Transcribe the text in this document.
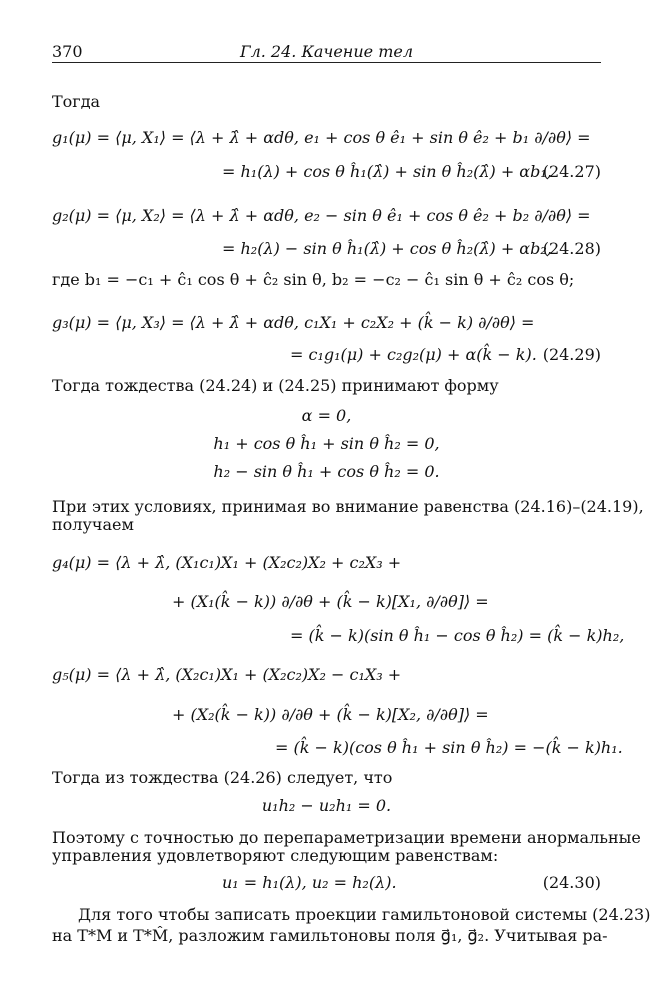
370	Гл. 24. Качение тел
Тогда
g₁(μ) = ⟨μ, X₁⟩ = ⟨λ + λ̂ + αdθ, e₁ + cos θ ê₁ + sin θ ê₂ + b₁ ∂/∂θ⟩ =
= h₁(λ) + cos θ ĥ₁(λ̂) + sin θ ĥ₂(λ̂) + αb₁,
(24.27)
g₂(μ) = ⟨μ, X₂⟩ = ⟨λ + λ̂ + αdθ, e₂ − sin θ ê₁ + cos θ ê₂ + b₂ ∂/∂θ⟩ =
= h₂(λ) − sin θ ĥ₁(λ̂) + cos θ ĥ₂(λ̂) + αb₂,
(24.28)
где b₁ = −c₁ + ĉ₁ cos θ + ĉ₂ sin θ, b₂ = −c₂ − ĉ₁ sin θ + ĉ₂ cos θ;
g₃(μ) = ⟨μ, X₃⟩ = ⟨λ + λ̂ + αdθ, c₁X₁ + c₂X₂ + (k̂ − k) ∂/∂θ⟩ =
= c₁g₁(μ) + c₂g₂(μ) + α(k̂ − k). (24.29)
Тогда тождества (24.24) и (24.25) принимают форму
α = 0,
h₁ + cos θ ĥ₁ + sin θ ĥ₂ = 0,
h₂ − sin θ ĥ₁ + cos θ ĥ₂ = 0.
При этих условиях, принимая во внимание равенства (24.16)–(24.19),
получаем
g₄(μ) = ⟨λ + λ̂, (X₁c₁)X₁ + (X₂c₂)X₂ + c₂X₃ +
+ (X₁(k̂ − k)) ∂/∂θ + (k̂ − k)[X₁, ∂/∂θ]⟩ =
= (k̂ − k)(sin θ ĥ₁ − cos θ ĥ₂) = (k̂ − k)h₂,
g₅(μ) = ⟨λ + λ̂, (X₂c₁)X₁ + (X₂c₂)X₂ − c₁X₃ +
+ (X₂(k̂ − k)) ∂/∂θ + (k̂ − k)[X₂, ∂/∂θ]⟩ =
= (k̂ − k)(cos θ ĥ₁ + sin θ ĥ₂) = −(k̂ − k)h₁.
Тогда из тождества (24.26) следует, что
u₁h₂ − u₂h₁ = 0.
Поэтому с точностью до перепараметризации времени анормальные
управления удовлетворяют следующим равенствам:
u₁ = h₁(λ), u₂ = h₂(λ).	(24.30)
Для того чтобы записать проекции гамильтоновой системы (24.23)
на T*M и T*M̂, разложим гамильтоновы поля g⃗₁, g⃗₂. Учитывая ра-
